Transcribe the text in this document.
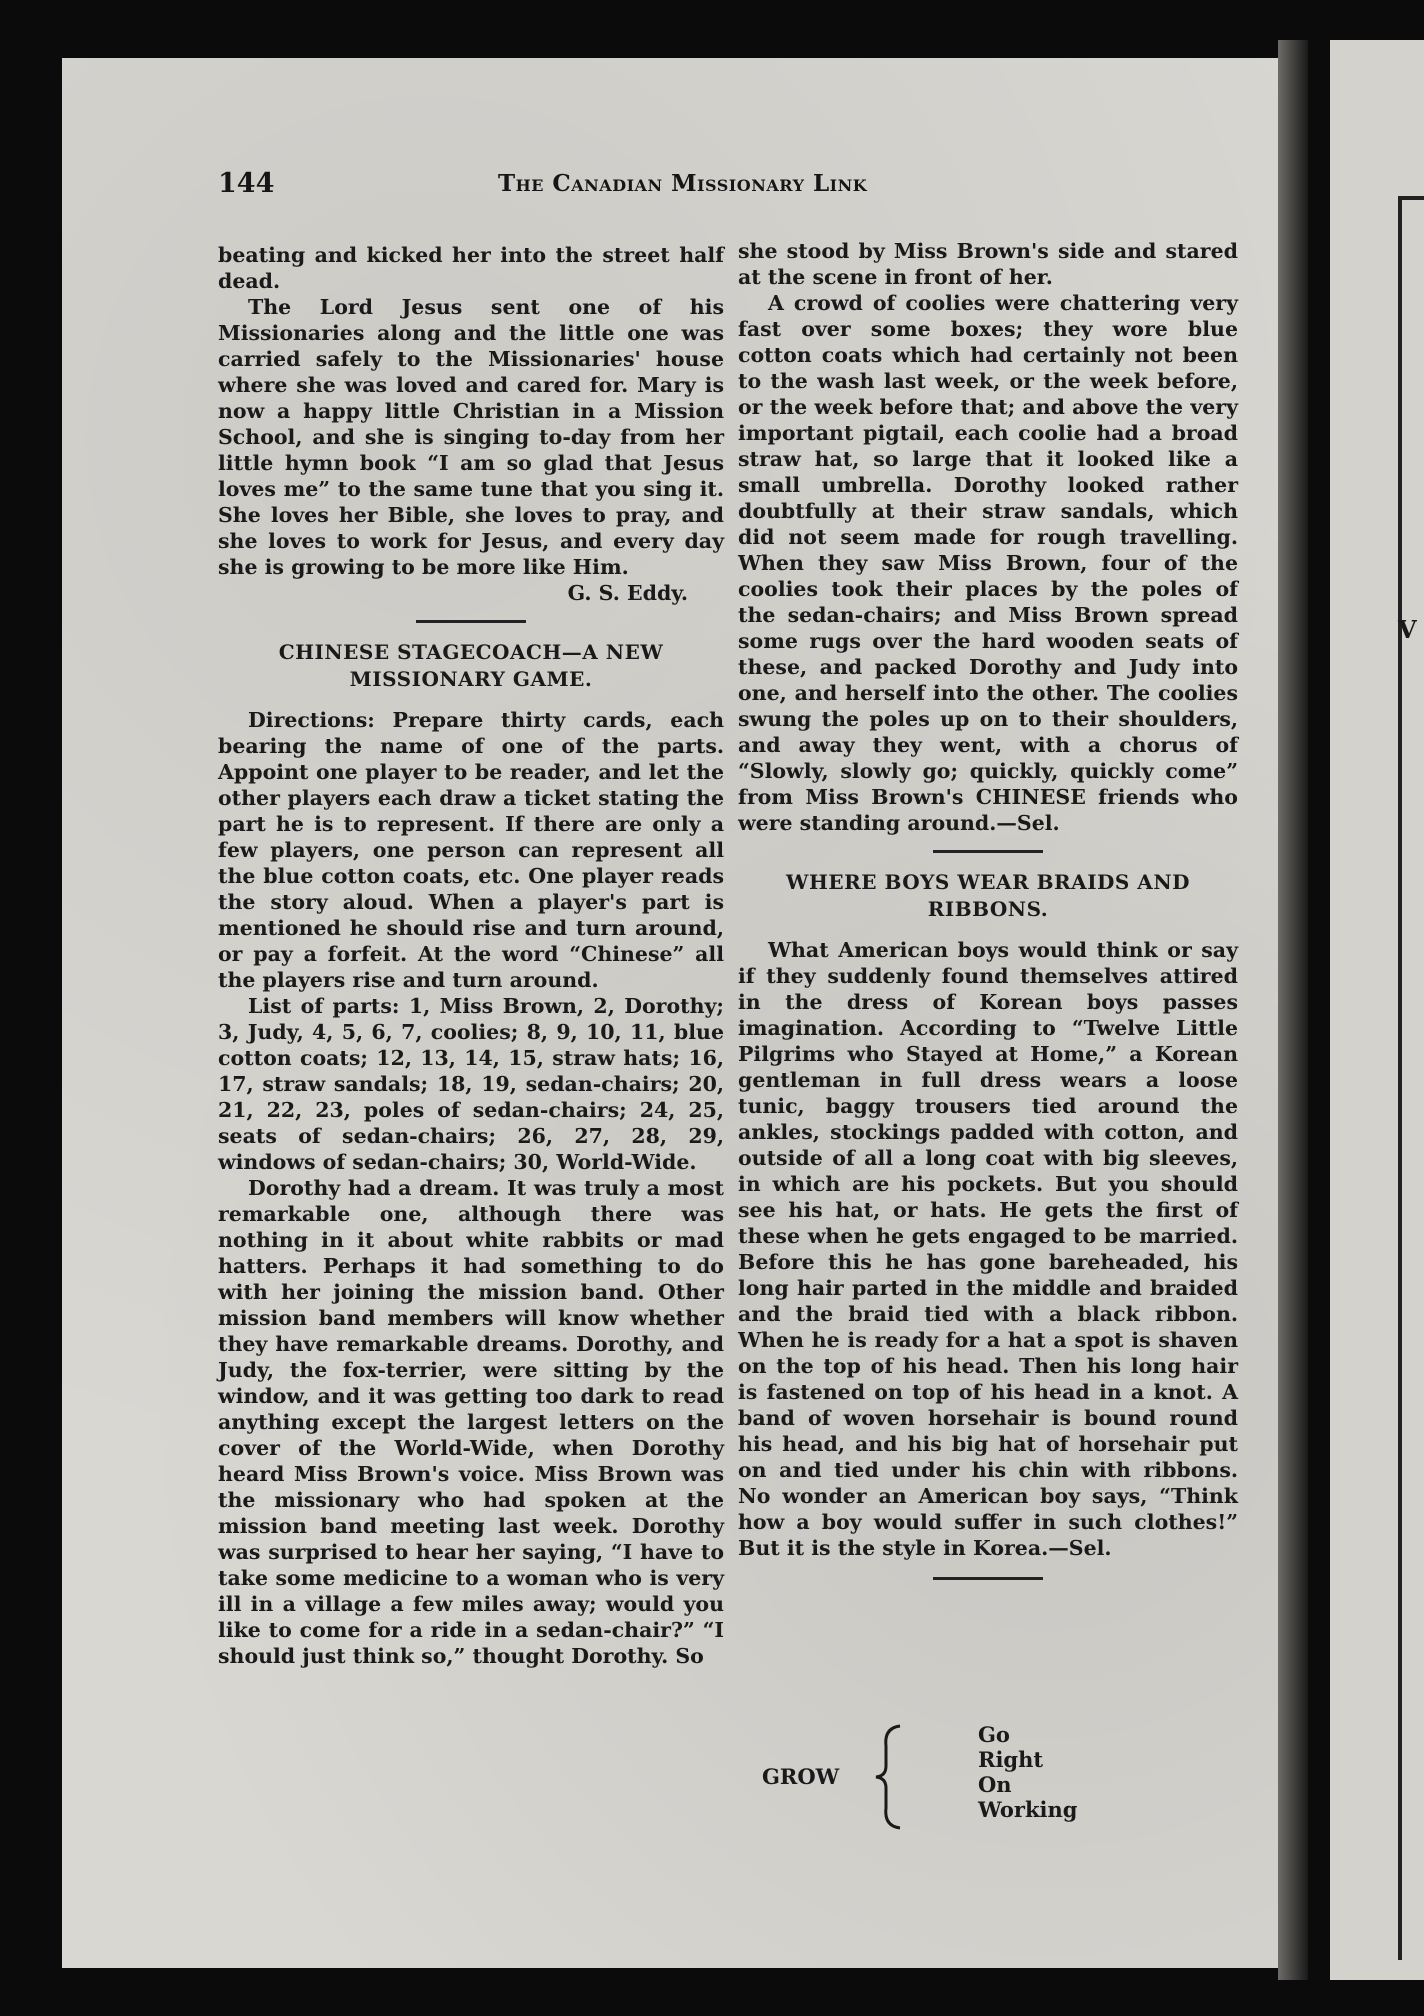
V
144	The Canadian Missionary Link

beating and kicked her into the street half dead.

The Lord Jesus sent one of his Missionaries along and the little one was carried safely to the Missionaries' house where she was loved and cared for. Mary is now a happy little Christian in a Mission School, and she is singing to-day from her little hymn book “I am so glad that Jesus loves me” to the same tune that you sing it. She loves her Bible, she loves to pray, and she loves to work for Jesus, and every day she is growing to be more like Him.

G. S. Eddy.

CHINESE STAGECOACH—A NEW MISSIONARY GAME.

Directions: Prepare thirty cards, each bearing the name of one of the parts. Appoint one player to be reader, and let the other players each draw a ticket stating the part he is to represent. If there are only a few players, one person can represent all the blue cotton coats, etc. One player reads the story aloud. When a player's part is mentioned he should rise and turn around, or pay a forfeit. At the word “Chinese” all the players rise and turn around.

List of parts: 1, Miss Brown, 2, Dorothy; 3, Judy, 4, 5, 6, 7, coolies; 8, 9, 10, 11, blue cotton coats; 12, 13, 14, 15, straw hats; 16, 17, straw sandals; 18, 19, sedan-chairs; 20, 21, 22, 23, poles of sedan-chairs; 24, 25, seats of sedan-chairs; 26, 27, 28, 29, windows of sedan-chairs; 30, World-Wide.

Dorothy had a dream. It was truly a most remarkable one, although there was nothing in it about white rabbits or mad hatters. Perhaps it had something to do with her joining the mission band. Other mission band members will know whether they have remarkable dreams. Dorothy, and Judy, the fox-terrier, were sitting by the window, and it was getting too dark to read anything except the largest letters on the cover of the World-Wide, when Dorothy heard Miss Brown's voice. Miss Brown was the missionary who had spoken at the mission band meeting last week. Dorothy was surprised to hear her saying, “I have to take some medicine to a woman who is very ill in a village a few miles away; would you like to come for a ride in a sedan-chair?” “I should just think so,” thought Dorothy. So

she stood by Miss Brown's side and stared at the scene in front of her.

A crowd of coolies were chattering very fast over some boxes; they wore blue cotton coats which had certainly not been to the wash last week, or the week before, or the week before that; and above the very important pigtail, each coolie had a broad straw hat, so large that it looked like a small umbrella. Dorothy looked rather doubtfully at their straw sandals, which did not seem made for rough travelling. When they saw Miss Brown, four of the coolies took their places by the poles of the sedan-chairs; and Miss Brown spread some rugs over the hard wooden seats of these, and packed Dorothy and Judy into one, and herself into the other. The coolies swung the poles up on to their shoulders, and away they went, with a chorus of “Slowly, slowly go; quickly, quickly come” from Miss Brown's CHINESE friends who were standing around.—Sel.

WHERE BOYS WEAR BRAIDS AND RIBBONS.

What American boys would think or say if they suddenly found themselves attired in the dress of Korean boys passes imagination. According to “Twelve Little Pilgrims who Stayed at Home,” a Korean gentleman in full dress wears a loose tunic, baggy trousers tied around the ankles, stockings padded with cotton, and outside of all a long coat with big sleeves, in which are his pockets. But you should see his hat, or hats. He gets the first of these when he gets engaged to be married. Before this he has gone bareheaded, his long hair parted in the middle and braided and the braid tied with a black ribbon. When he is ready for a hat a spot is shaven on the top of his head. Then his long hair is fastened on top of his head in a knot. A band of woven horsehair is bound round his head, and his big hat of horsehair put on and tied under his chin with ribbons. No wonder an American boy says, “Think how a boy would suffer in such clothes!” But it is the style in Korea.—Sel.

GROW
Go
Right
On
Working
